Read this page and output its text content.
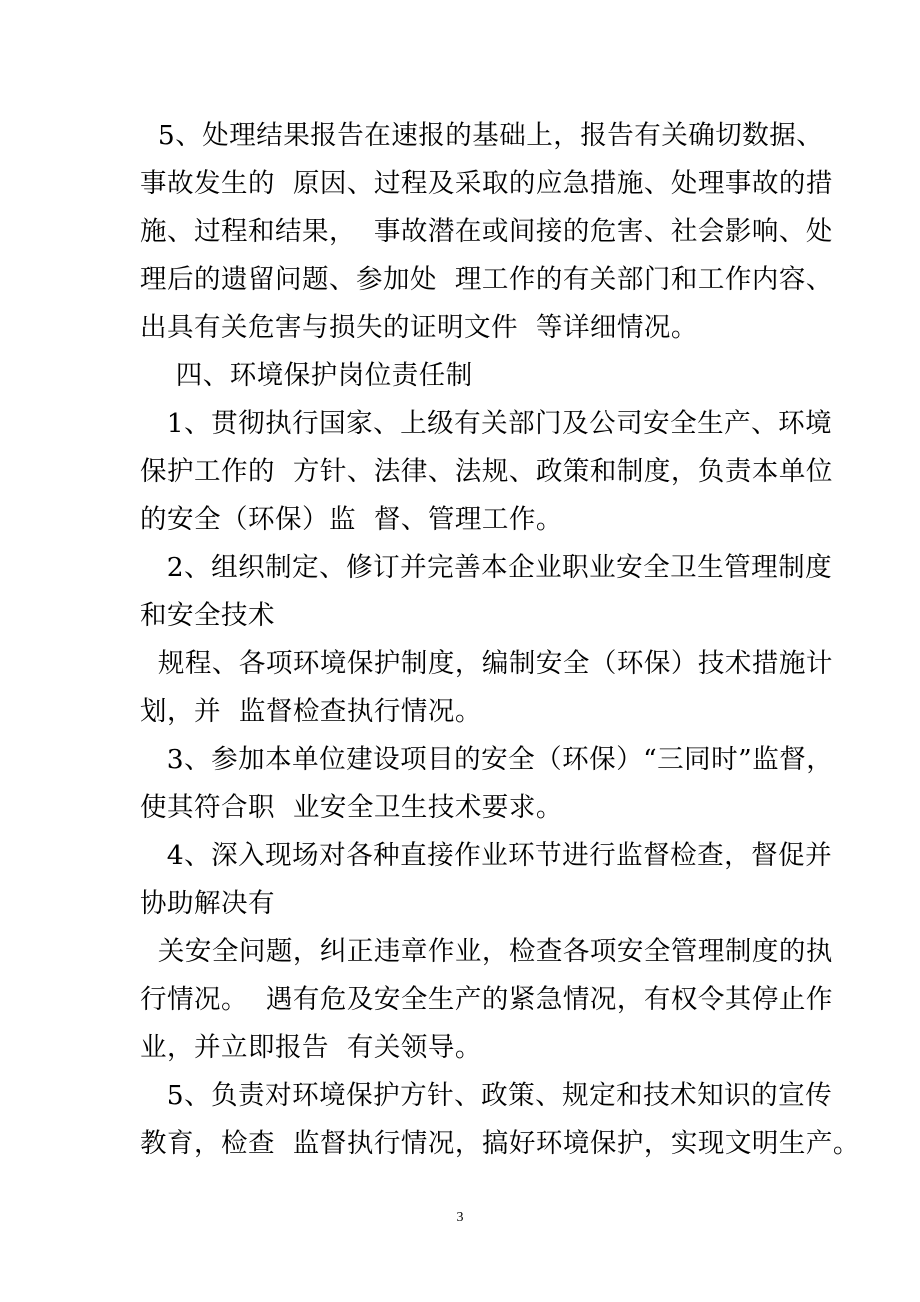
5、处理结果报告在速报的基础上，报告有关确切数据、
事故发生的  原因、过程及采取的应急措施、处理事故的措
施、过程和结果，  事故潜在或间接的危害、社会影响、处
理后的遗留问题、参加处  理工作的有关部门和工作内容、
出具有关危害与损失的证明文件  等详细情况。
四、环境保护岗位责任制
1、贯彻执行国家、上级有关部门及公司安全生产、环境
保护工作的  方针、法律、法规、政策和制度，负责本单位
的安全（环保）监  督、管理工作。
2、组织制定、修订并完善本企业职业安全卫生管理制度
和安全技术
规程、各项环境保护制度，编制安全（环保）技术措施计
划，并  监督检查执行情况。
3、参加本单位建设项目的安全（环保）“三同时”监督，
使其符合职  业安全卫生技术要求。
4、深入现场对各种直接作业环节进行监督检查，督促并
协助解决有
关安全问题，纠正违章作业，检查各项安全管理制度的执
行情况。  遇有危及安全生产的紧急情况，有权令其停止作
业，并立即报告  有关领导。
5、负责对环境保护方针、政策、规定和技术知识的宣传
教育，检查  监督执行情况，搞好环境保护，实现文明生产。
3
